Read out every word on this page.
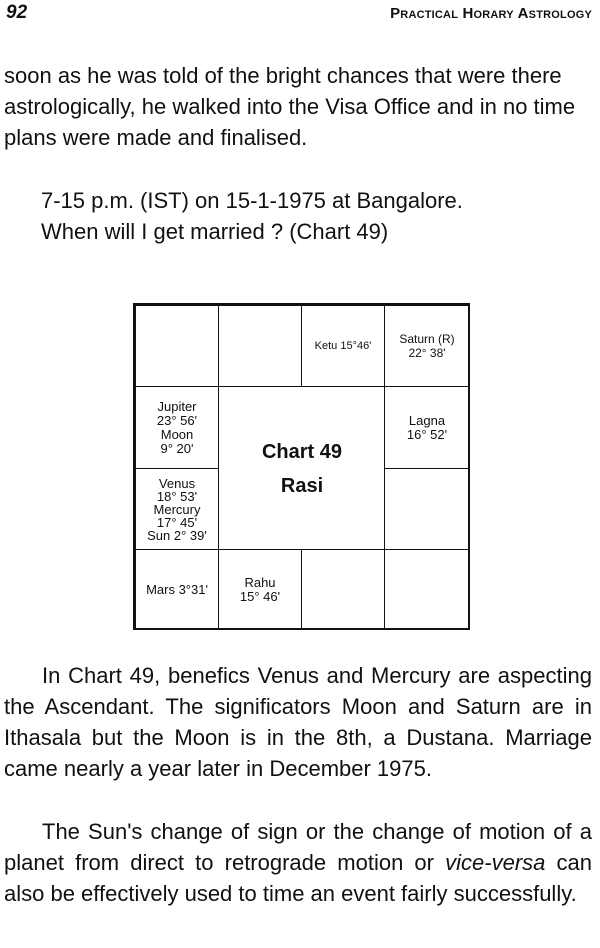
92	Practical Horary Astrology

soon as he was told of the bright chances that were there astrologically, he walked into the Visa Office and in no time plans were made and finalised.

7-15 p.m. (IST) on 15-1-1975 at Bangalore.
When will I get married ? (Chart 49)
Ketu 15°46' Saturn (R)
22° 38'
Jupiter
23° 56'
Moon
9° 20'
Venus
18° 53'
Mercury
17° 45'
Sun 2° 39'
Chart 49
Rasi
Lagna
16° 52'
Mars 3°31'	Rahu
15° 46'

In Chart 49, benefics Venus and Mercury are aspecting the Ascendant. The significators Moon and Saturn are in Ithasala but the Moon is in the 8th, a Dustana. Marriage came nearly a year later in December 1975.

The Sun's change of sign or the change of motion of a planet from direct to retrograde motion or vice-versa can also be effectively used to time an event fairly successfully.
